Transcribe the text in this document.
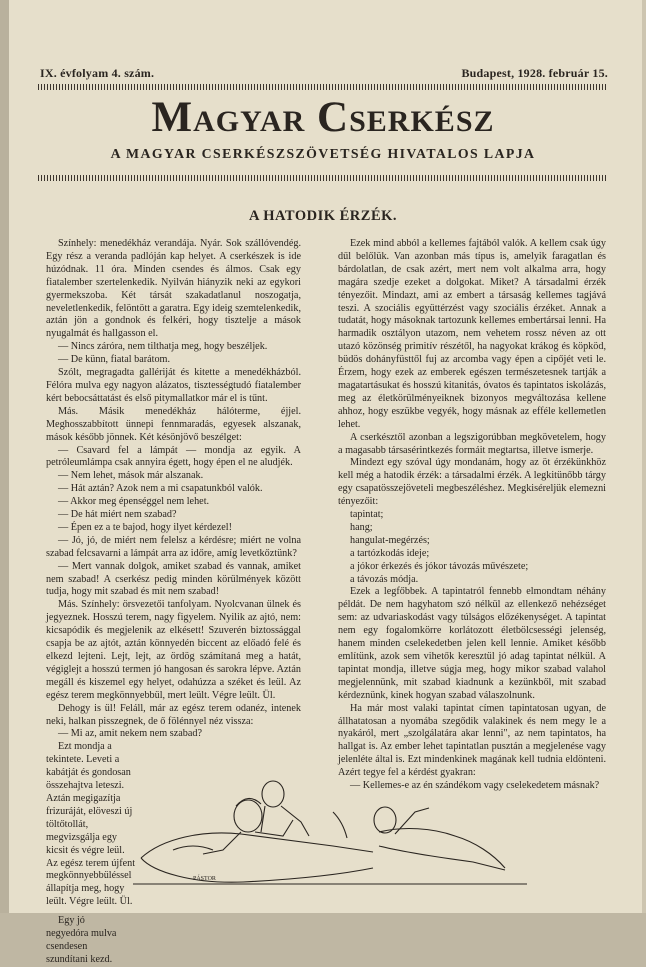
IX. évfolyam 4. szám.	Budapest, 1928. február 15.
Magyar Cserkész
A MAGYAR CSERKÉSZSZÖVETSÉG HIVATALOS LAPJA
A HATODIK ÉRZÉK.

Színhely: menedékház verandája. Nyár. Sok szállóvendég. Egy rész a veranda padlóján kap helyet. A cserkészek is ide húzódnak. 11 óra. Minden csendes és álmos. Csak egy fiatalember szertelenkedik. Nyilván hiányzik neki az egykori gyermekszoba. Két társát szakadatlanul noszogatja, neveletlenkedik, felöntött a garatra. Egy ideig szemtelenkedik, aztán jön a gondnok és felkéri, hogy tisztelje a mások nyugalmát és hallgasson el.

— Nincs záróra, nem tilthatja meg, hogy beszéljek.

— De künn, fiatal barátom.

Szólt, megragadta gallériját és kitette a menedékházból. Félóra mulva egy nagyon alázatos, tisztességtudó fiatalember kért bebocsáttatást és első pitymallatkor már el is tűnt.

Más. Másik menedékház hálóterme, éjjel. Meghosszabbított ünnepi fennmaradás, egyesek alszanak, mások később jönnek. Két késönjövő beszélget:

— Csavard fel a lámpát — mondja az egyik. A petróleumlámpa csak annyira égett, hogy épen el ne aludjék.

— Nem lehet, mások már alszanak.

— Hát aztán? Azok nem a mi csapatunkból valók.

— Akkor meg épenséggel nem lehet.

— De hát miért nem szabad?

— Épen ez a te bajod, hogy ilyet kérdezel!

— Jó, jó, de miért nem felelsz a kérdésre; miért ne volna szabad felcsavarni a lámpát arra az időre, amíg levetkőztünk?

— Mert vannak dolgok, amiket szabad és vannak, amiket nem szabad! A cserkész pedig minden körülmények között tudja, hogy mit szabad és mit nem szabad!

Más. Színhely: örsvezetői tanfolyam. Nyolcvanan ülnek és jegyeznek. Hosszú terem, nagy figyelem. Nyilik az ajtó, nem: kicsapódik és megjelenik az elkésett! Szuverén biztossággal csapja be az ajtót, aztán könnyedén biccent az előadó felé és elkezd lejteni. Lejt, lejt, az ördög számítaná meg a hatát, végiglejt a hosszú termen jó hangosan és sarokra lépve. Aztán megáll és kiszemel egy helyet, odahúzza a széket és leül. Az egész terem megkönnyebbül, mert leült. Végre leült. Ül.

Dehogy is ül! Feláll, már az egész terem odanéz, intenek neki, halkan pisszegnek, de ő fölénnyel néz vissza:

— Mi az, amit nekem nem szabad?

Ezt mondja a tekintete. Leveti a kabátját és gondosan összehajtva leteszi. Aztán megigazítja frizuráját, elöveszi új töltőtollát, megvizsgálja egy kicsit és végre leül. Az egész terem újfent megkönnyebbüléssel állapítja meg, hogy leült. Végre leült. Ül.

Egy jó negyedóra mulva csendesen szundítani kezd.

Ezek mind abból a kellemes fajtából valók. A kellem csak úgy dűl belőlük. Van azonban más típus is, amelyik faragatlan és bárdolatlan, de csak azért, mert nem volt alkalma arra, hogy magára szedje ezeket a dolgokat. Miket? A társadalmi érzék tényezőit. Mindazt, ami az embert a társaság kellemes tagjává teszi. A szociális együttérzést vagy szociális érzéket. Annak a tudatát, hogy másoknak tartozunk kellemes embertársai lenni. Ha harmadik osztályon utazom, nem vehetem rossz néven az ott utazó közönség primitív részétől, ha nagyokat krákog és köpköd, büdös dohányfüsttől fuj az arcomba vagy épen a cipőjét veti le. Érzem, hogy ezek az emberek egészen természetesnek tartják a magatartásukat és hosszú kitanitás, óvatos és tapintatos iskolázás, meg az életkörülményeiknek bizonyos megváltozása kellene ahhoz, hogy eszükbe vegyék, hogy másnak az efféle kellemetlen lehet.

A cserkésztől azonban a legszigorúbban megkövetelem, hogy a magasabb társasérintkezés formáit megtartsa, illetve ismerje.

Mindezt egy szóval úgy mondanám, hogy az öt érzékünkhöz kell még a hatodik érzék: a társadalmi érzék. A legkitünőbb tárgy egy csapatösszejöveteli megbeszéléshez. Megkiséreljük elemezni tényezőit:

tapintat;

hang;

hangulat-megérzés;

a tartózkodás ideje;

a jókor érkezés és jókor távozás művészete;

a távozás módja.

Ezek a legfőbbek. A tapintatról fennebb elmondtam néhány példát. De nem hagyhatom szó nélkül az ellenkező nehézséget sem: az udvariaskodást vagy túlságos előzékenységet. A tapintat nem egy fogalomkörre korlátozott életbölcsességi jelenség, hanem minden cselekedetben jelen kell lennie. Amiket később említünk, azok sem vihetők keresztül jó adag tapintat nélkül. A tapintat mondja, illetve súgja meg, hogy mikor szabad valahol megjelennünk, mit szabad kiadnunk a kezünkből, mit szabad kérdeznünk, kinek hogyan szabad válaszolnunk.

Ha már most valaki tapintat címen tapintatosan ugyan, de állhatatosan a nyomába szegődik valakinek és nem megy le a nyakáról, mert „szolgálatára akar lenni", az nem tapintatos, ha hallgat is. Az ember lehet tapintatlan pusztán a megjelenése vagy jelenléte által is. Ezt mindenkinek magának kell tudnia eldönteni. Azért tegye fel a kérdést gyakran:

— Kellemes-e az én szándékom vagy cselekedetem másnak?

PÁSTOR
